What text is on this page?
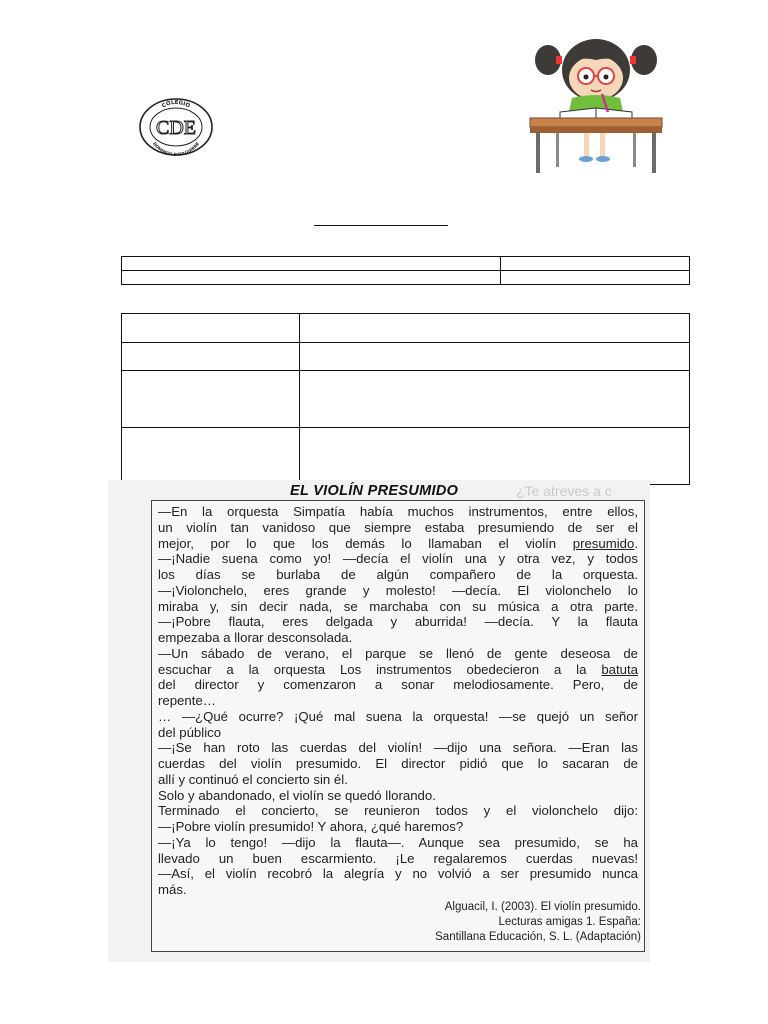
COLEGIO
DOMINGO EYZAGUIRRE
CDE

EL VIOLÍN PRESUMIDO	¿Te atreves a c

—En la orquesta Simpatía había muchos instrumentos, entre ellos,

un violín tan vanidoso que siempre estaba presumiendo de ser el

mejor, por lo que los demás lo llamaban el violín presumido.

—¡Nadie suena como yo! —decía el violín una y otra vez, y todos

los días se burlaba de algún compañero de la orquesta.

—¡Violonchelo, eres grande y molesto! —decía. El violonchelo lo

miraba y, sin decir nada, se marchaba con su música a otra parte.

—¡Pobre flauta, eres delgada y aburrida! —decía. Y la flauta

empezaba a llorar desconsolada.

—Un sábado de verano, el parque se llenó de gente deseosa de

escuchar a la orquesta Los instrumentos obedecieron a la batuta

del director y comenzaron a sonar melodiosamente. Pero, de

repente…

… —¿Qué ocurre? ¡Qué mal suena la orquesta! —se quejó un señor

del público

—¡Se han roto las cuerdas del violín! —dijo una señora. —Eran las

cuerdas del violín presumido. El director pidió que lo sacaran de

allí y continuó el concierto sin él.

Solo y abandonado, el violín se quedó llorando.

Terminado el concierto, se reunieron todos y el violonchelo dijo:

—¡Pobre violín presumido! Y ahora, ¿qué haremos?

—¡Ya lo tengo! —dijo la flauta—. Aunque sea presumido, se ha

llevado un buen escarmiento. ¡Le regalaremos cuerdas nuevas!

—Así, el violín recobró la alegría y no volvió a ser presumido nunca

más.

Alguacil, I. (2003). El violín presumido.
Lecturas amigas 1. España:
Santillana Educación, S. L. (Adaptación)
